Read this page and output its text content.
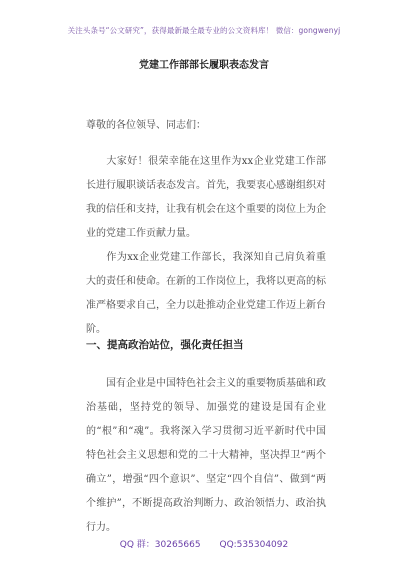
关注头条号“公文研究”，获得最新最全最专业的公文资料库！ 微信：gongwenyj
党建工作部部长履职表态发言
尊敬的各位领导、同志们：
大家好！很荣幸能在这里作为xx企业党建工作部长进行履职谈话表态发言。首先，我要衷心感谢组织对我的信任和支持，让我有机会在这个重要的岗位上为企业的党建工作贡献力量。
作为xx企业党建工作部长，我深知自己肩负着重大的责任和使命。在新的工作岗位上，我将以更高的标准严格要求自己，全力以赴推动企业党建工作迈上新台阶。
一、提高政治站位，强化责任担当
国有企业是中国特色社会主义的重要物质基础和政治基础，坚持党的领导、加强党的建设是国有企业的“根”和“魂”。我将深入学习贯彻习近平新时代中国特色社会主义思想和党的二十大精神，坚决捍卫“两个确立”，增强“四个意识”、坚定“四个自信”、做到“两个维护”，不断提高政治判断力、政治领悟力、政治执行力。
QQ 群：30265665 QQ:535304092
